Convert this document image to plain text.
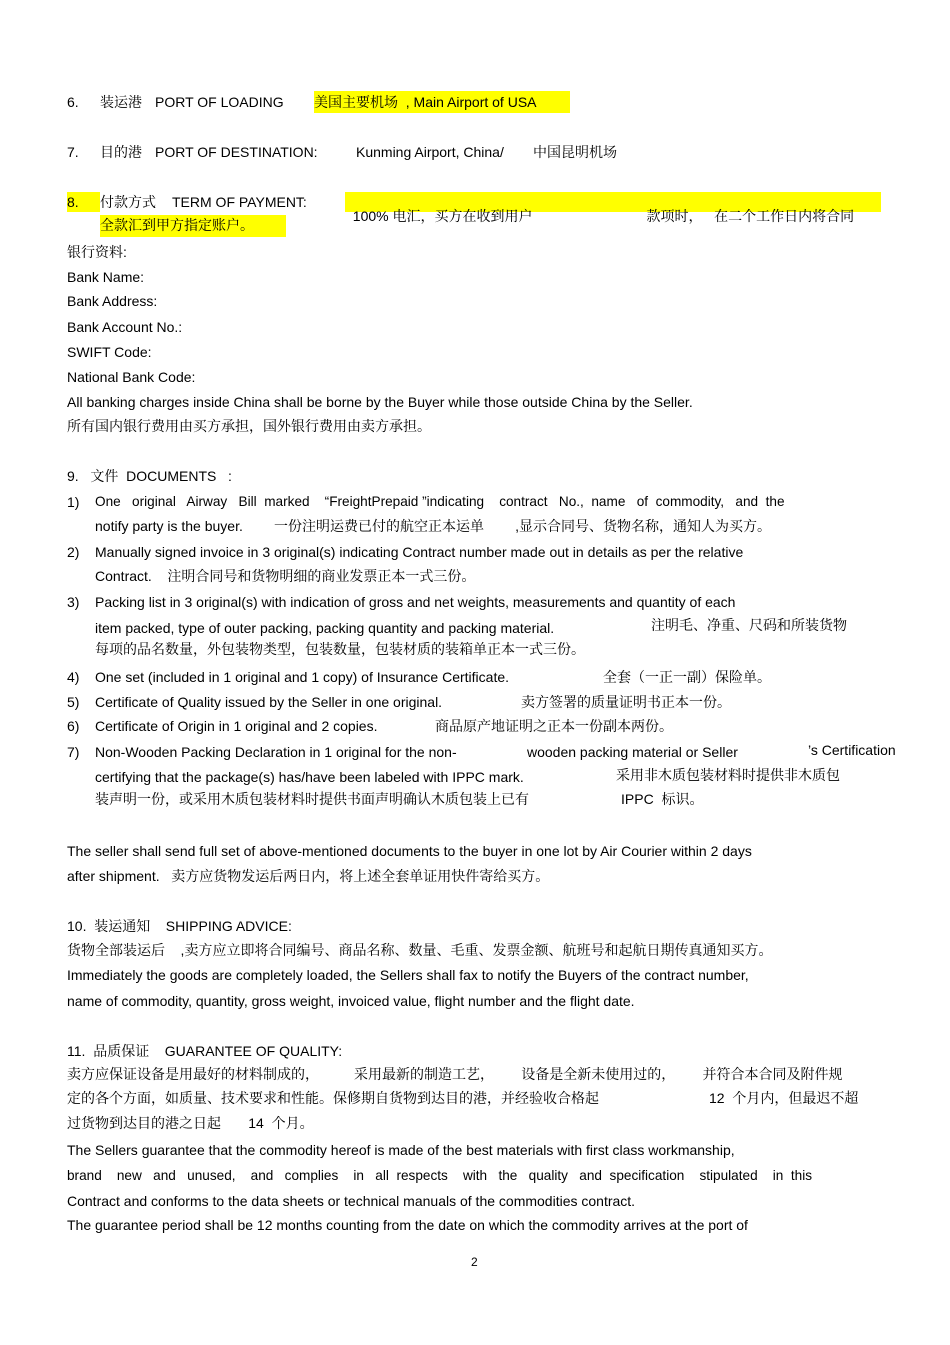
6. 装运港 PORT OF LOADING 美国主要机场  , Main Airport of USA
7. 目的港 PORT OF DESTINATION:	Kunming Airport, China/ 中国昆明机场
8.	付款方式 TERM OF PAYMENT:

100% 电汇，买方在收到用户	款项时，   在二个工作日内将合同

全款汇到甲方指定账户。
银行资料:
Bank Name:
Bank Address:
Bank Account No.:
SWIFT Code:
National Bank Code:
All banking charges inside China shall be borne by the Buyer while those outside China by the Seller.
所有国内银行费用由买方承担，国外银行费用由卖方承担。
9.   文件  DOCUMENTS   :
1) One   original   Airway   Bill  marked    “FreightPrepaid ”indicating    contract   No.,  name   of  commodity,   and  the
notify party is the buyer.        一份注明运费已付的航空正本运单        ,显示合同号、货物名称，通知人为买方。
2) Manually signed invoice in 3 original(s) indicating Contract number made out in details as per the relative
Contract.    注明合同号和货物明细的商业发票正本一式三份。
3) Packing list in 3 original(s) with indication of gross and net weights, measurements and quantity of each
item packed, type of outer packing, packing quantity and packing material.	注明毛、净重、尺码和所装货物
每项的品名数量，外包装物类型，包装数量，包装材质的装箱单正本一式三份。
4) One set (included in 1 original and 1 copy) of Insurance Certificate.	全套（一正一副）保险单。
5) Certificate of Quality issued by the Seller in one original.	卖方签署的质量证明书正本一份。
6) Certificate of Origin in 1 original and 2 copies.	商品原产地证明之正本一份副本两份。
7) Non-Wooden Packing Declaration in 1 original for the non-	wooden packing material or Seller	’s Certification
certifying that the package(s) has/have been labeled with IPPC mark.	采用非木质包装材料时提供非木质包
装声明一份，或采用木质包装材料时提供书面声明确认木质包装上已有	IPPC  标识。
The seller shall send full set of above-mentioned documents to the buyer in one lot by Air Courier within 2 days
after shipment.   卖方应货物发运后两日内，将上述全套单证用快件寄给买方。
10.  装运通知    SHIPPING ADVICE:
货物全部装运后    ,卖方应立即将合同编号、商品名称、数量、毛重、发票金额、航班号和起航日期传真通知买方。
Immediately the goods are completely loaded, the Sellers shall fax to notify the Buyers of the contract number,
name of commodity, quantity, gross weight, invoiced value, flight number and the flight date.
11.  品质保证    GUARANTEE OF QUALITY:
卖方应保证设备是用最好的材料制成的，         采用最新的制造工艺，       设备是全新未使用过的，       并符合本合同及附件规
定的各个方面，如质量、技术要求和性能。保修期自货物到达目的港，并经验收合格起	12  个月内，但最迟不超
过货物到达目的港之日起       14  个月。
The Sellers guarantee that the commodity hereof is made of the best materials with first class workmanship,
brand    new   and   unused,    and   complies    in   all  respects    with   the   quality   and  specification    stipulated    in  this
Contract and conforms to the data sheets or technical manuals of the commodities contract.
The guarantee period shall be 12 months counting from the date on which the commodity arrives at the port of
2
